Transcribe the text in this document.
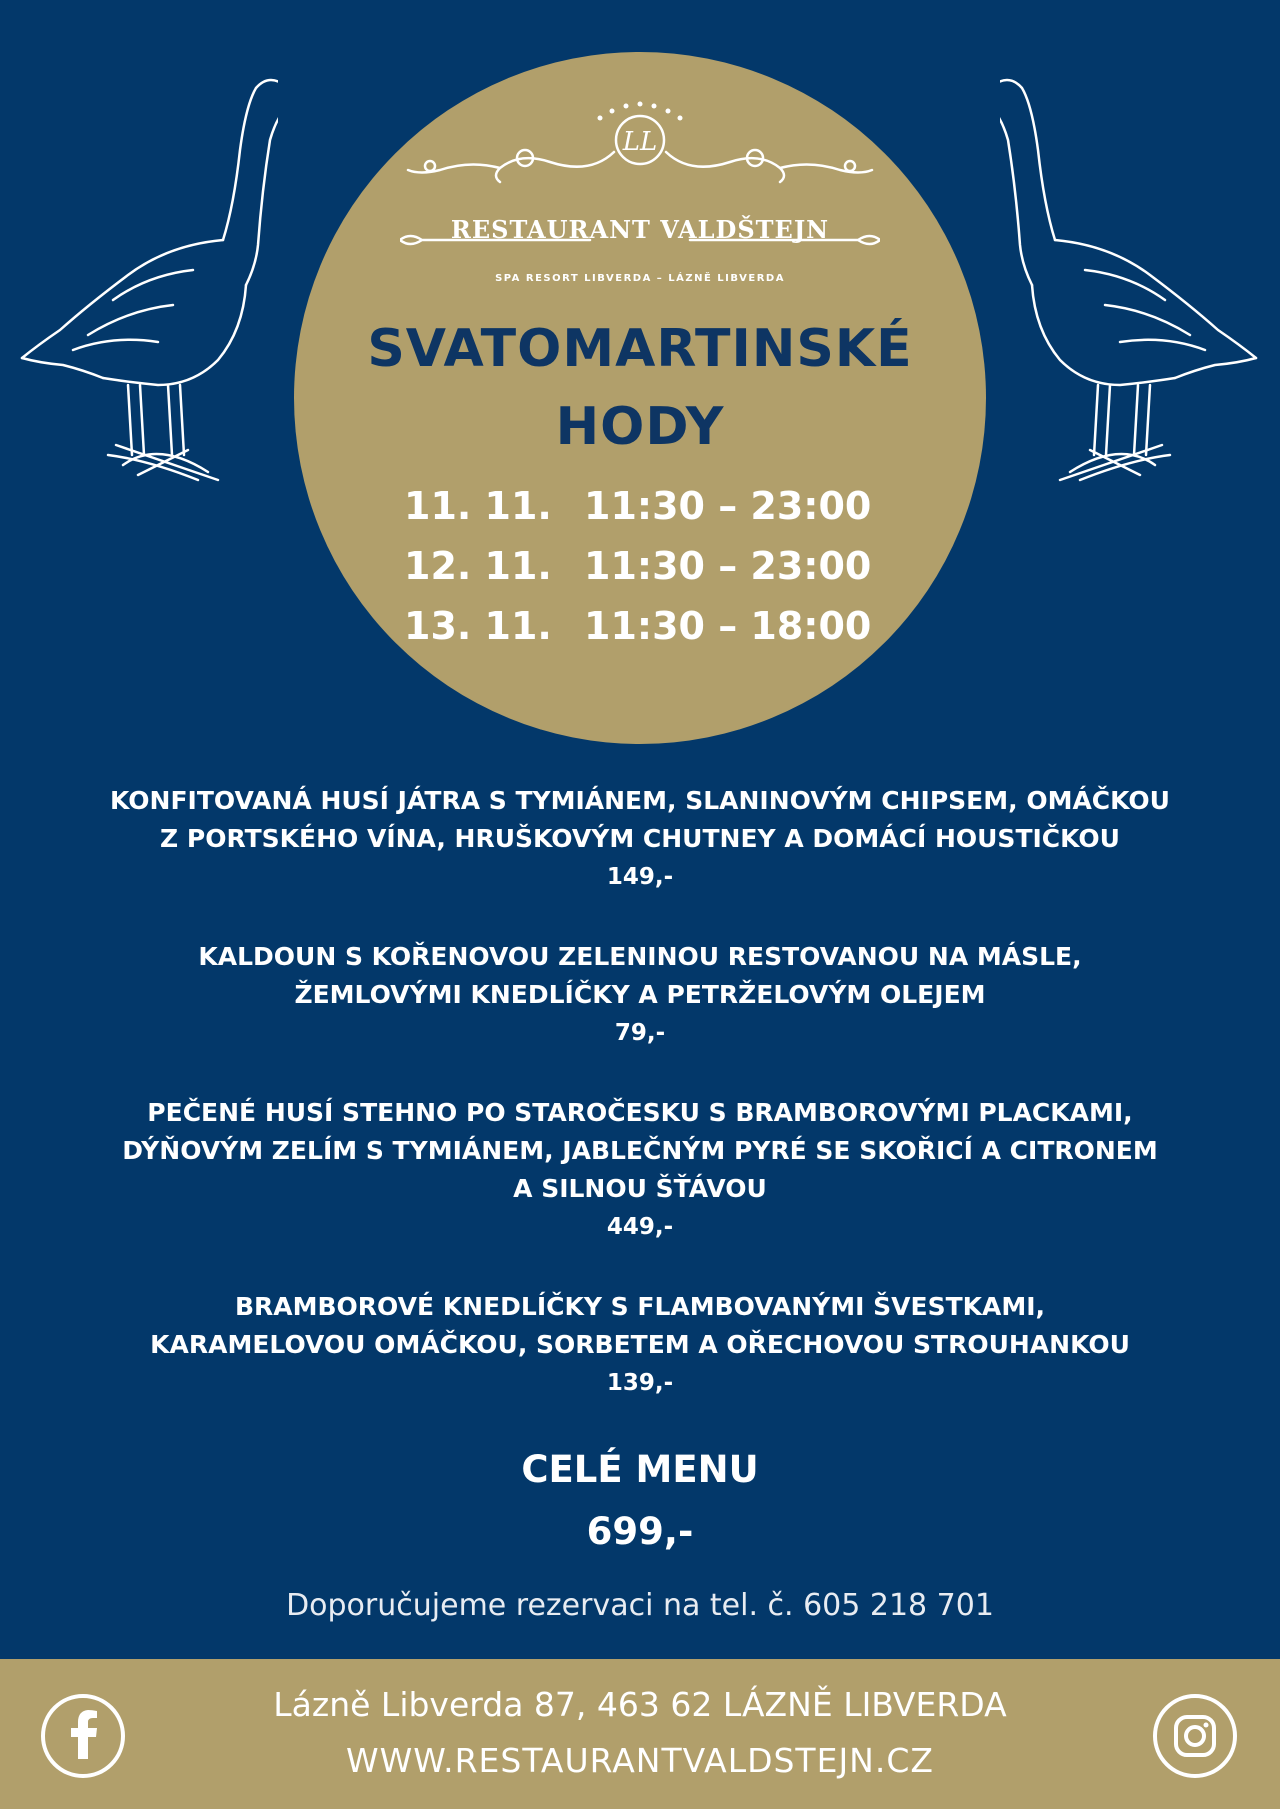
LL
RESTAURANT VALDŠTEJN
SPA RESORT LIBVERDA – LÁZNĚ LIBVERDA
SVATOMARTINSKÉ
HODY
11. 11. 11:30 – 23:00
12. 11. 11:30 – 23:00
13. 11. 11:30 – 18:00

KONFITOVANÁ HUSÍ JÁTRA S TYMIÁNEM, SLANINOVÝM CHIPSEM, OMÁČKOU

Z PORTSKÉHO VÍNA, HRUŠKOVÝM CHUTNEY A DOMÁCÍ HOUSTIČKOU

149,-

KALDOUN S KOŘENOVOU ZELENINOU RESTOVANOU NA MÁSLE,

ŽEMLOVÝMI KNEDLÍČKY A PETRŽELOVÝM OLEJEM

79,-

PEČENÉ HUSÍ STEHNO PO STAROČESKU S BRAMBOROVÝMI PLACKAMI,

DÝŇOVÝM ZELÍM S TYMIÁNEM, JABLEČNÝM PYRÉ SE SKOŘICÍ A CITRONEM

A SILNOU ŠŤÁVOU

449,-

BRAMBOROVÉ KNEDLÍČKY S FLAMBOVANÝMI ŠVESTKAMI,

KARAMELOVOU OMÁČKOU, SORBETEM A OŘECHOVOU STROUHANKOU

139,-

CELÉ MENU
699,-
Doporučujeme rezervaci na tel. č. 605 218 701
Lázně Libverda 87, 463 62 LÁZNĚ LIBVERDA
WWW.RESTAURANTVALDSTEJN.CZ
